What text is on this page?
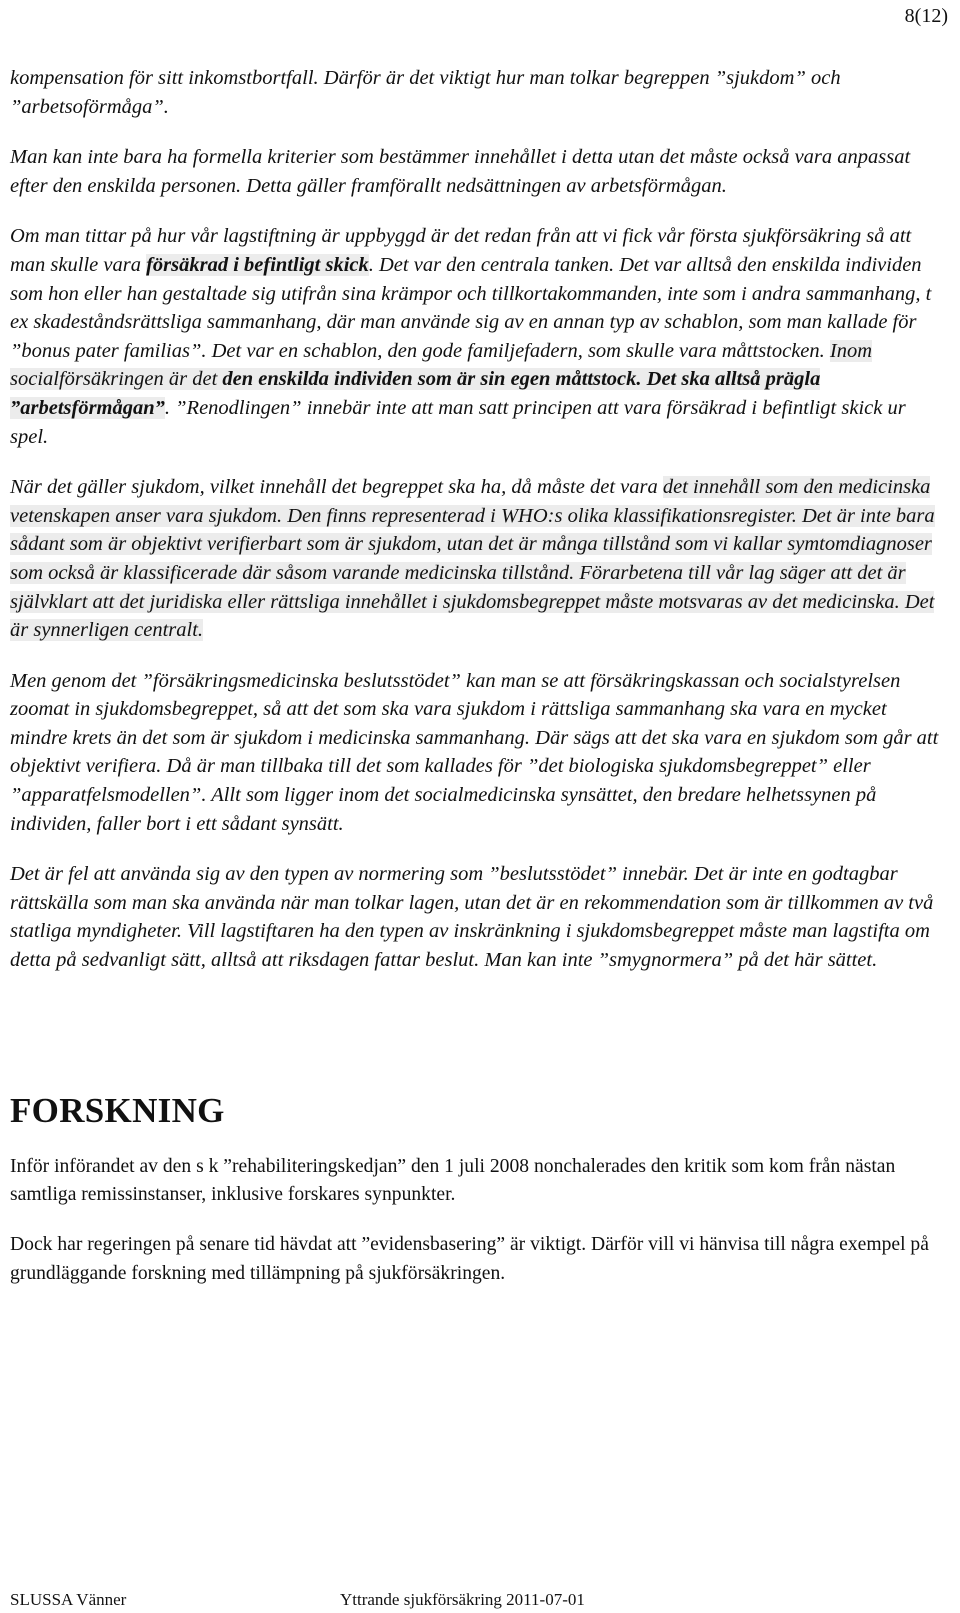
8(12)

kompensation för sitt inkomstbortfall. Därför är det viktigt hur man tolkar begreppen ”sjukdom” och ”arbetsoförmåga”.

Man kan inte bara ha formella kriterier som bestämmer innehållet i detta utan det måste också vara anpassat efter den enskilda personen. Detta gäller framförallt nedsättningen av arbetsförmågan.

Om man tittar på hur vår lagstiftning är uppbyggd är det redan från att vi fick vår första sjukförsäkring så att man skulle vara försäkrad i befintligt skick. Det var den centrala tanken. Det var alltså den enskilda individen som hon eller han gestaltade sig utifrån sina krämpor och tillkortakommanden, inte som i andra sammanhang, t ex skadeståndsrättsliga sammanhang, där man använde sig av en annan typ av schablon, som man kallade för ”bonus pater familias”. Det var en schablon, den gode familjefadern, som skulle vara måttstocken. Inom socialförsäkringen är det den enskilda individen som är sin egen måttstock. Det ska alltså prägla ”arbetsförmågan”. ”Renodlingen” innebär inte att man satt principen att vara försäkrad i befintligt skick ur spel.

När det gäller sjukdom, vilket innehåll det begreppet ska ha, då måste det vara det innehåll som den medicinska vetenskapen anser vara sjukdom. Den finns representerad i WHO:s olika klassifikationsregister. Det är inte bara sådant som är objektivt verifierbart som är sjukdom, utan det är många tillstånd som vi kallar symtomdiagnoser som också är klassificerade där såsom varande medicinska tillstånd. Förarbetena till vår lag säger att det är självklart att det juridiska eller rättsliga innehållet i sjukdomsbegreppet måste motsvaras av det medicinska. Det är synnerligen centralt.

Men genom det ”försäkringsmedicinska beslutsstödet” kan man se att försäkringskassan och socialstyrelsen zoomat in sjukdomsbegreppet, så att det som ska vara sjukdom i rättsliga sammanhang ska vara en mycket mindre krets än det som är sjukdom i medicinska sammanhang. Där sägs att det ska vara en sjukdom som går att objektivt verifiera. Då är man tillbaka till det som kallades för ”det biologiska sjukdomsbegreppet” eller ”apparatfelsmodellen”. Allt som ligger inom det socialmedicinska synsättet, den bredare helhetssynen på individen, faller bort i ett sådant synsätt.

Det är fel att använda sig av den typen av normering som ”beslutsstödet” innebär. Det är inte en godtagbar rättskälla som man ska använda när man tolkar lagen, utan det är en rekommendation som är tillkommen av två statliga myndigheter. Vill lagstiftaren ha den typen av inskränkning i sjukdomsbegreppet måste man lagstifta om detta på sedvanligt sätt, alltså att riksdagen fattar beslut. Man kan inte ”smygnormera” på det här sättet.

FORSKNING

Inför införandet av den s k ”rehabiliteringskedjan” den 1 juli 2008 nonchalerades den kritik som kom från nästan samtliga remissinstanser, inklusive forskares synpunkter.

Dock har regeringen på senare tid hävdat att ”evidensbasering” är viktigt. Därför vill vi hänvisa till några exempel på grundläggande forskning med tillämpning på sjukförsäkringen.

SLUSSA Vänner	Yttrande sjukförsäkring 2011-07-01
